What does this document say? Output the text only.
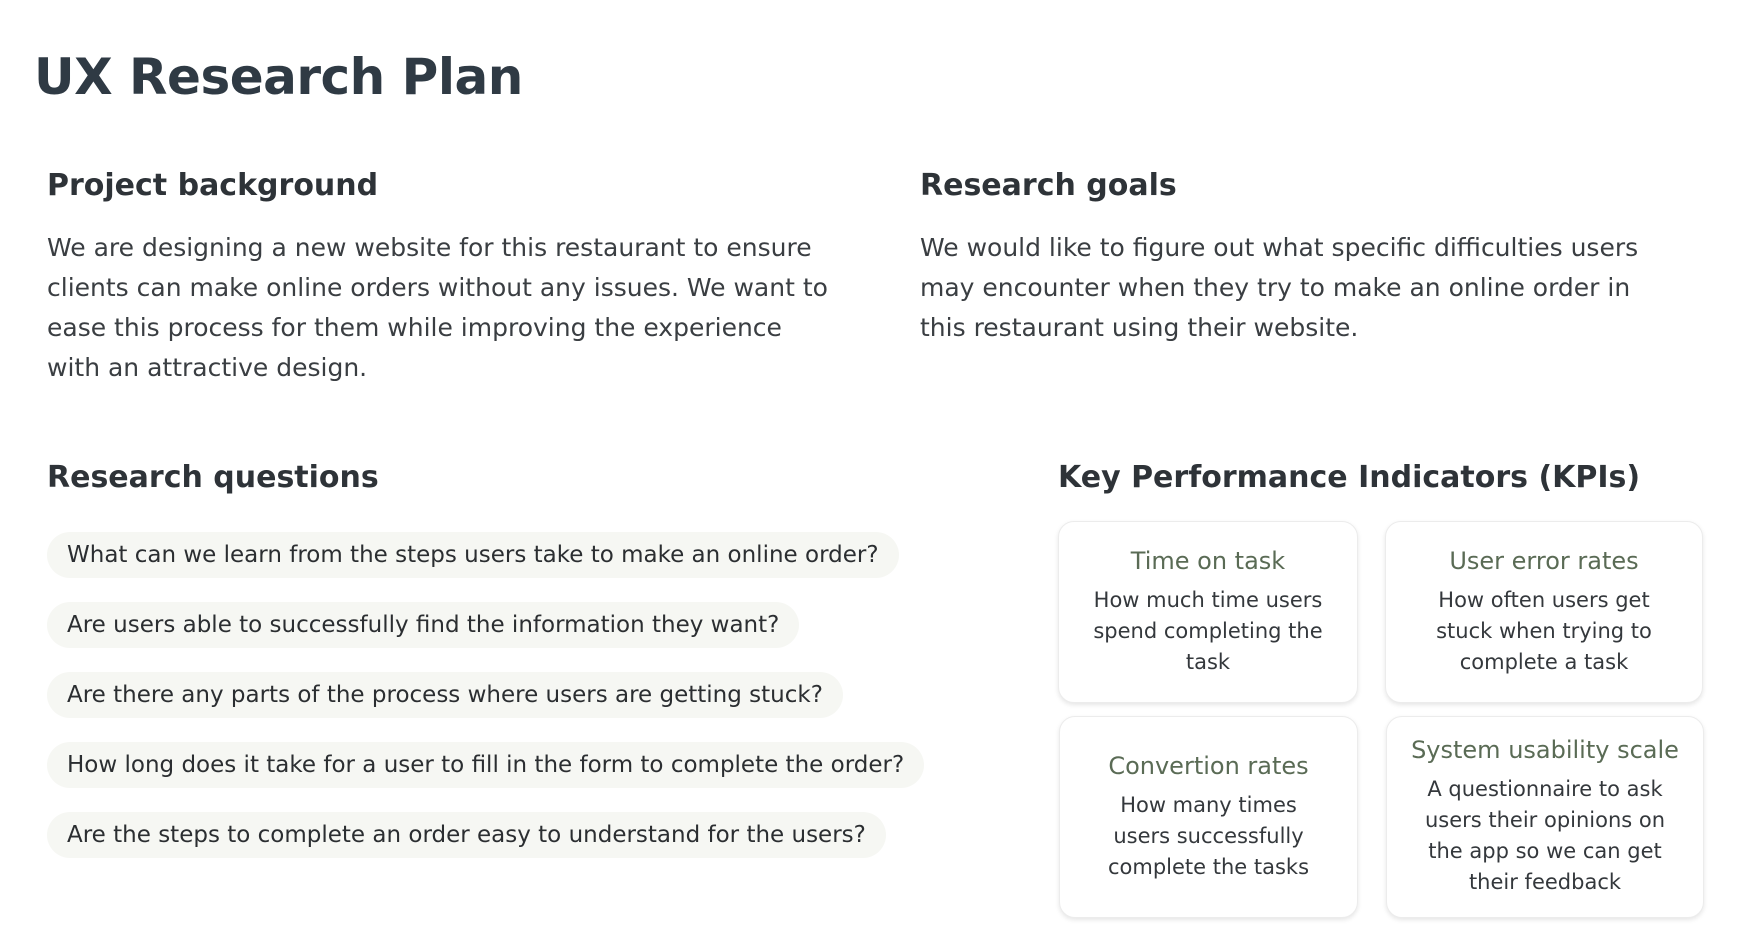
UX Research Plan
Project background

We are designing a new website for this restaurant to ensure clients can make online orders without any issues. We want to ease this process for them while improving the experience with an attractive design.

Research goals

We would like to figure out what specific difficulties users may encounter when they try to make an online order in this restaurant using their website.

Research questions
What can we learn from the steps users take to make an online order?
Are users able to successfully find the information they want?
Are there any parts of the process where users are getting stuck?
How long does it take for a user to fill in the form to complete the order?
Are the steps to complete an order easy to understand for the users?
Key Performance Indicators (KPIs)
Time on task
How much time users spend completing the task
User error rates
How often users get stuck when trying to complete a task
Convertion rates
How many times users successfully complete the tasks
System usability scale
A questionnaire to ask users their opinions on the app so we can get their feedback
